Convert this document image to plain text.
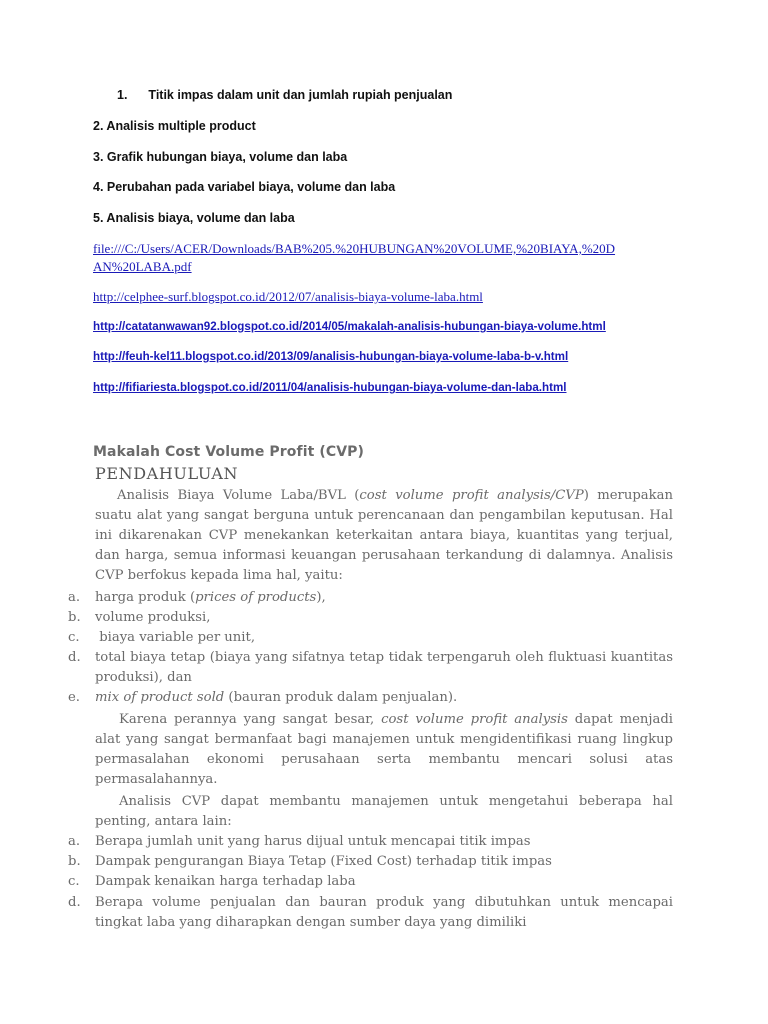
1. Titik impas dalam unit dan jumlah rupiah penjualan
2. Analisis multiple product
3. Grafik hubungan biaya, volume dan laba
4. Perubahan pada variabel biaya, volume dan laba
5. Analisis biaya, volume dan laba
file:///C:/Users/ACER/Downloads/BAB%205.%20HUBUNGAN%20VOLUME,%20BIAYA,%20D
AN%20LABA.pdf
http://celphee-surf.blogspot.co.id/2012/07/analisis-biaya-volume-laba.html
http://catatanwawan92.blogspot.co.id/2014/05/makalah-analisis-hubungan-biaya-volume.html
http://feuh-kel11.blogspot.co.id/2013/09/analisis-hubungan-biaya-volume-laba-b-v.html
http://fifiariesta.blogspot.co.id/2011/04/analisis-hubungan-biaya-volume-dan-laba.html
Makalah Cost Volume Profit (CVP)
PENDAHULUAN
Analisis Biaya Volume Laba/BVL (cost volume profit analysis/CVP) merupakan suatu alat yang sangat berguna untuk perencanaan dan pengambilan keputusan. Hal ini dikarenakan CVP menekankan keterkaitan antara biaya, kuantitas yang terjual, dan harga, semua informasi keuangan perusahaan terkandung di dalamnya. Analisis CVP berfokus kepada lima hal, yaitu:
a. harga produk (prices of products),
b. volume produksi,
c. biaya variable per unit,
d. total biaya tetap (biaya yang sifatnya tetap tidak terpengaruh oleh fluktuasi kuantitas produksi), dan
e. mix of product sold (bauran produk dalam penjualan).
Karena perannya yang sangat besar, cost volume profit analysis dapat menjadi alat yang sangat bermanfaat bagi manajemen untuk mengidentifikasi ruang lingkup permasalahan ekonomi perusahaan serta membantu mencari solusi atas permasalahannya.
Analisis CVP dapat membantu manajemen untuk mengetahui beberapa hal penting, antara lain:
a. Berapa jumlah unit yang harus dijual untuk mencapai titik impas
b. Dampak pengurangan Biaya Tetap (Fixed Cost) terhadap titik impas
c. Dampak kenaikan harga terhadap laba
d. Berapa volume penjualan dan bauran produk yang dibutuhkan untuk mencapai tingkat laba yang diharapkan dengan sumber daya yang dimiliki
